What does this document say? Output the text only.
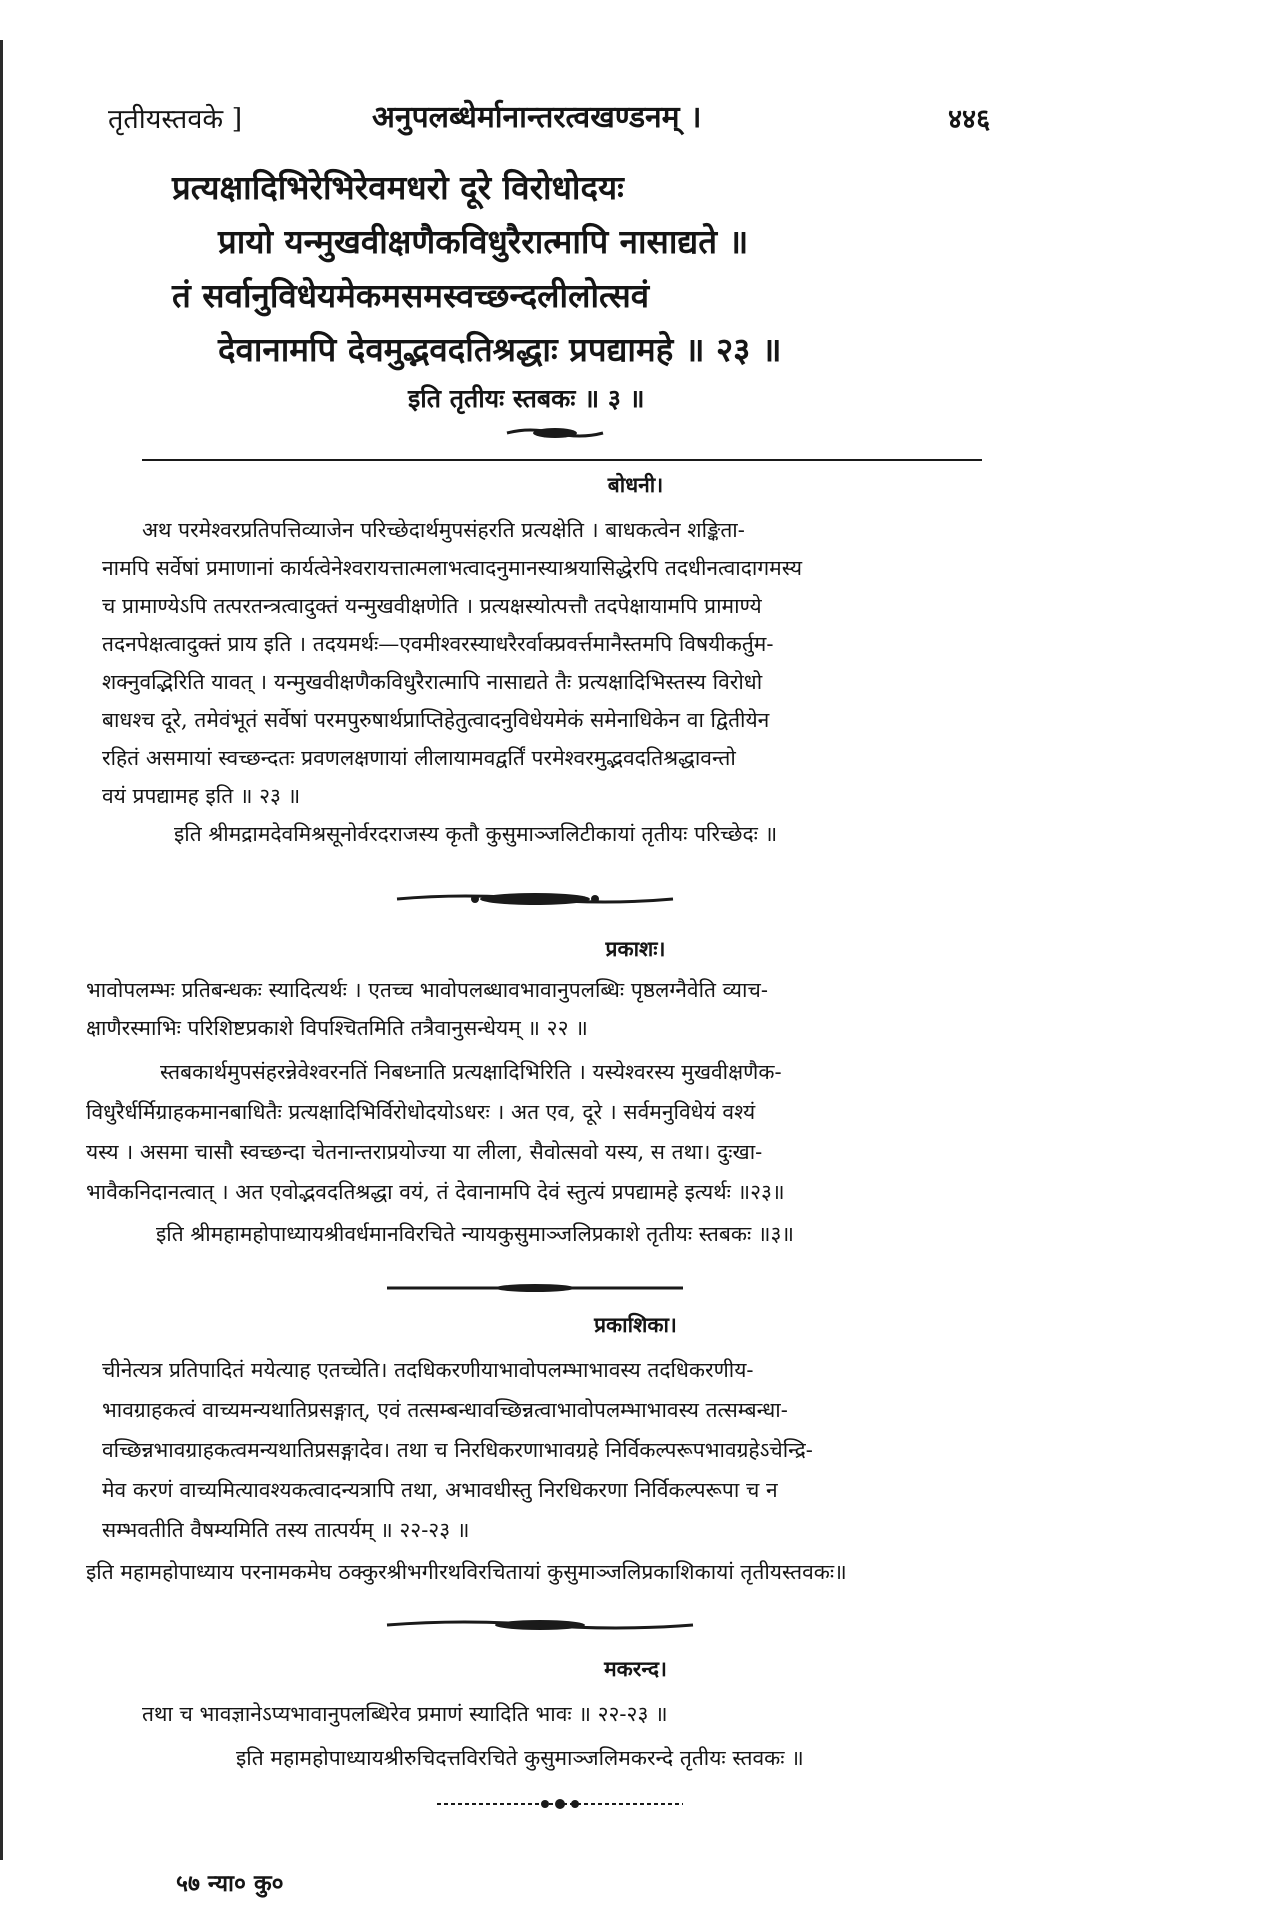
तृतीयस्तवके ]	अनुपलब्धेर्मानान्तरत्वखण्डनम् ।	४४६
प्रत्यक्षादिभिरेभिरेवमधरो दूरे विरोधोदयः
प्रायो यन्मुखवीक्षणैकविधुरैरात्मापि नासाद्यते ॥
तं सर्वानुविधेयमेकमसमस्वच्छन्दलीलोत्सवं
देवानामपि देवमुद्भवदतिश्रद्धाः प्रपद्यामहे ॥ २३ ॥
इति तृतीयः स्तबकः ॥ ३ ॥
बोधनी।
अथ परमेश्वरप्रतिपत्तिव्याजेन परिच्छेदार्थमुपसंहरति प्रत्यक्षेति । बाधकत्वेन शङ्किता-
नामपि सर्वेषां प्रमाणानां कार्यत्वेनेश्वरायत्तात्मलाभत्वादनुमानस्याश्रयासिद्धेरपि तदधीनत्वादागमस्य
च प्रामाण्येऽपि तत्परतन्त्रत्वादुक्तं यन्मुखवीक्षणेति । प्रत्यक्षस्योत्पत्तौ तदपेक्षायामपि प्रामाण्ये
तदनपेक्षत्वादुक्तं प्राय इति । तदयमर्थः—एवमीश्वरस्याधरैरर्वाक्प्रवर्त्तमानैस्तमपि विषयीकर्तुम-
शक्नुवद्भिरिति यावत् । यन्मुखवीक्षणैकविधुरैरात्मापि नासाद्यते तैः प्रत्यक्षादिभिस्तस्य विरोधो
बाधश्च दूरे, तमेवंभूतं सर्वेषां परमपुरुषार्थप्राप्तिहेतुत्वादनुविधेयमेकं समेनाधिकेन वा द्वितीयेन
रहितं असमायां स्वच्छन्दतः प्रवणलक्षणायां लीलायामवद्वर्तिं परमेश्वरमुद्भवदतिश्रद्धावन्तो
वयं प्रपद्यामह इति ॥ २३ ॥
इति श्रीमद्रामदेवमिश्रसूनोर्वरदराजस्य कृतौ कुसुमाञ्जलिटीकायां तृतीयः परिच्छेदः ॥
प्रकाशः।
भावोपलम्भः प्रतिबन्धकः स्यादित्यर्थः । एतच्च भावोपलब्धावभावानुपलब्धिः पृष्ठलग्नैवेति व्याच-
क्षाणैरस्माभिः परिशिष्टप्रकाशे विपश्चितमिति तत्रैवानुसन्धेयम् ॥ २२ ॥
स्तबकार्थमुपसंहरन्नेवेश्वरनतिं निबध्नाति प्रत्यक्षादिभिरिति । यस्येश्वरस्य मुखवीक्षणैक-
विधुरैर्धर्मिग्राहकमानबाधितैः प्रत्यक्षादिभिर्विरोधोदयोऽधरः । अत एव, दूरे । सर्वमनुविधेयं वश्यं
यस्य । असमा चासौ स्वच्छन्दा चेतनान्तराप्रयोज्या या लीला, सैवोत्सवो यस्य, स तथा। दुःखा-
भावैकनिदानत्वात् । अत एवोद्भवदतिश्रद्धा वयं, तं देवानामपि देवं स्तुत्यं प्रपद्यामहे इत्यर्थः ॥२३॥
इति श्रीमहामहोपाध्यायश्रीवर्धमानविरचिते न्यायकुसुमाञ्जलिप्रकाशे तृतीयः स्तबकः ॥३॥
प्रकाशिका।
चीनेत्यत्र प्रतिपादितं मयेत्याह एतच्चेति। तदधिकरणीयाभावोपलम्भाभावस्य तदधिकरणीय-
भावग्राहकत्वं वाच्यमन्यथातिप्रसङ्गात्, एवं तत्सम्बन्धावच्छिन्नत्वाभावोपलम्भाभावस्य तत्सम्बन्धा-
वच्छिन्नभावग्राहकत्वमन्यथातिप्रसङ्गादेव। तथा च निरधिकरणाभावग्रहे निर्विकल्परूपभावग्रहेऽचेन्द्रि-
मेव करणं वाच्यमित्यावश्यकत्वादन्यत्रापि तथा, अभावधीस्तु निरधिकरणा निर्विकल्परूपा च न
सम्भवतीति वैषम्यमिति तस्य तात्पर्यम् ॥ २२-२३ ॥
इति महामहोपाध्याय परनामकमेघ ठक्कुरश्रीभगीरथविरचितायां कुसुमाञ्जलिप्रकाशिकायां तृतीयस्तवकः॥
मकरन्द।
तथा च भावज्ञानेऽप्यभावानुपलब्धिरेव प्रमाणं स्यादिति भावः ॥ २२-२३ ॥
इति महामहोपाध्यायश्रीरुचिदत्तविरचिते कुसुमाञ्जलिमकरन्दे तृतीयः स्तवकः ॥
५७ न्या० कु०
